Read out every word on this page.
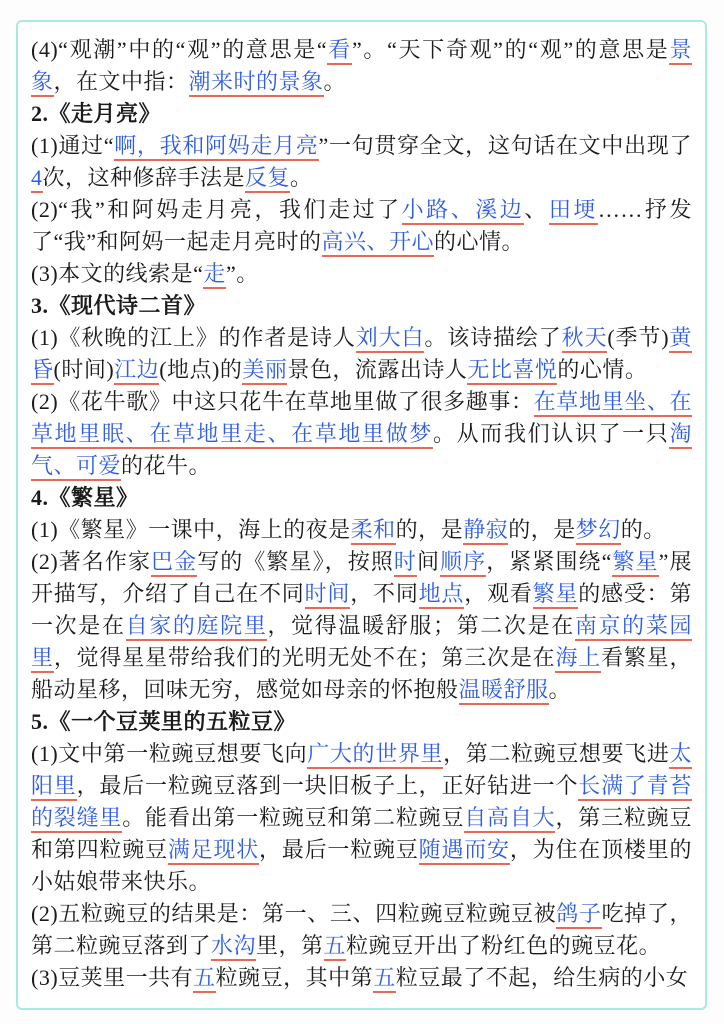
(4)“观潮”中的“观”的意思是“看”。“天下奇观”的“观”的意思是景象，在文中指：潮来时的景象。

2.《走月亮》

(1)通过“啊，我和阿妈走月亮”一句贯穿全文，这句话在文中出现了4次，这种修辞手法是反复。

(2)“我”和阿妈走月亮，我们走过了小路、溪边、田埂……抒发了“我”和阿妈一起走月亮时的高兴、开心的心情。

(3)本文的线索是“走”。

3.《现代诗二首》

(1)《秋晚的江上》的作者是诗人刘大白。该诗描绘了秋天(季节)黄昏(时间)江边(地点)的美丽景色，流露出诗人无比喜悦的心情。

(2)《花牛歌》中这只花牛在草地里做了很多趣事：在草地里坐、在草地里眠、在草地里走、在草地里做梦。从而我们认识了一只淘气、可爱的花牛。

4.《繁星》

(1)《繁星》一课中，海上的夜是柔和的，是静寂的，是梦幻的。

(2)著名作家巴金写的《繁星》，按照时间顺序，紧紧围绕“繁星”展开描写，介绍了自己在不同时间，不同地点，观看繁星的感受：第一次是在自家的庭院里，觉得温暖舒服；第二次是在南京的菜园里，觉得星星带给我们的光明无处不在；第三次是在海上看繁星，船动星移，回味无穷，感觉如母亲的怀抱般温暖舒服。

5.《一个豆荚里的五粒豆》

(1)文中第一粒豌豆想要飞向广大的世界里，第二粒豌豆想要飞进太阳里，最后一粒豌豆落到一块旧板子上，正好钻进一个长满了青苔的裂缝里。能看出第一粒豌豆和第二粒豌豆自高自大，第三粒豌豆和第四粒豌豆满足现状，最后一粒豌豆随遇而安，为住在顶楼里的小姑娘带来快乐。

(2)五粒豌豆的结果是：第一、三、四粒豌豆粒豌豆被鸽子吃掉了，第二粒豌豆落到了水沟里，第五粒豌豆开出了粉红色的豌豆花。

(3)豆荚里一共有五粒豌豆，其中第五粒豆最了不起，给生病的小女
